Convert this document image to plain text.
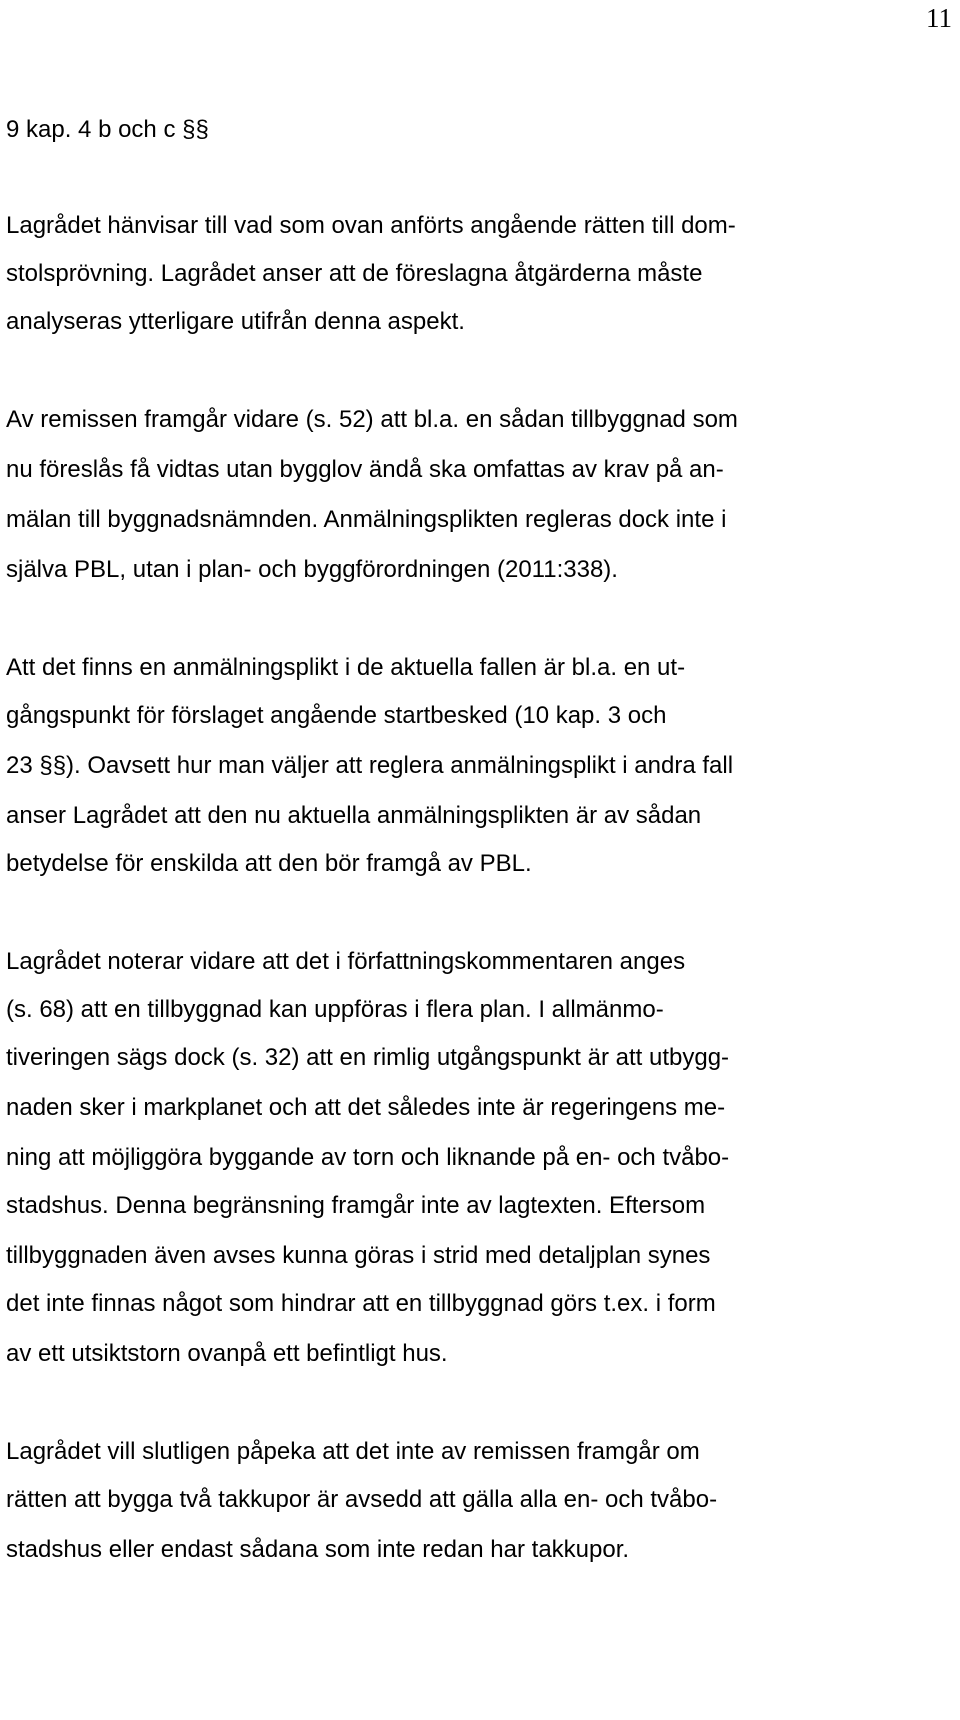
11
9 kap. 4 b och c §§
Lagrådet hänvisar till vad som ovan anförts angående rätten till dom-
stolsprövning. Lagrådet anser att de föreslagna åtgärderna måste
analyseras ytterligare utifrån denna aspekt.
Av remissen framgår vidare (s. 52) att bl.a. en sådan tillbyggnad som
nu föreslås få vidtas utan bygglov ändå ska omfattas av krav på an-
mälan till byggnadsnämnden. Anmälningsplikten regleras dock inte i
själva PBL, utan i plan- och byggförordningen (2011:338).
Att det finns en anmälningsplikt i de aktuella fallen är bl.a. en ut-
gångspunkt för förslaget angående startbesked (10 kap. 3 och
23 §§). Oavsett hur man väljer att reglera anmälningsplikt i andra fall
anser Lagrådet att den nu aktuella anmälningsplikten är av sådan
betydelse för enskilda att den bör framgå av PBL.
Lagrådet noterar vidare att det i författningskommentaren anges
(s. 68) att en tillbyggnad kan uppföras i flera plan. I allmänmo-
tiveringen sägs dock (s. 32) att en rimlig utgångspunkt är att utbygg-
naden sker i markplanet och att det således inte är regeringens me-
ning att möjliggöra byggande av torn och liknande på en- och tvåbo-
stadshus. Denna begränsning framgår inte av lagtexten. Eftersom
tillbyggnaden även avses kunna göras i strid med detaljplan synes
det inte finnas något som hindrar att en tillbyggnad görs t.ex. i form
av ett utsiktstorn ovanpå ett befintligt hus.
Lagrådet vill slutligen påpeka att det inte av remissen framgår om
rätten att bygga två takkupor är avsedd att gälla alla en- och tvåbo-
stadshus eller endast sådana som inte redan har takkupor.
